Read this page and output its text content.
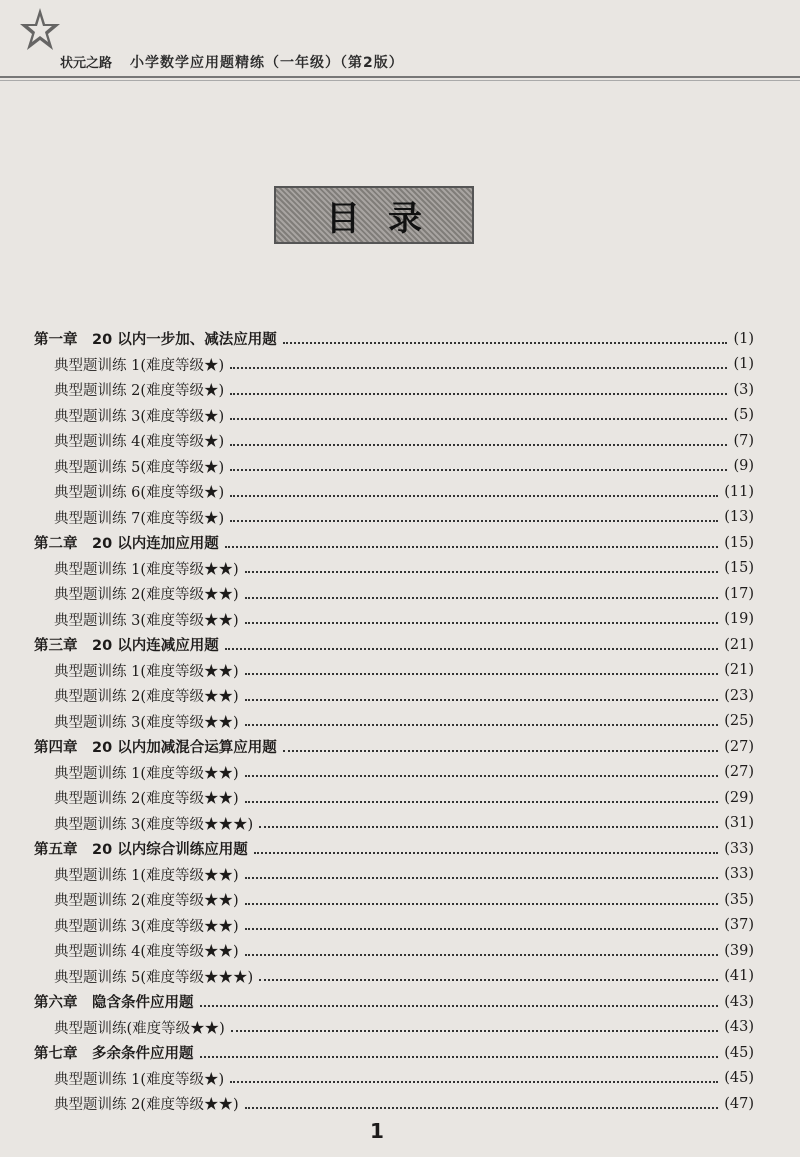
状元之路 小学数学应用题精练（一年级）（第2版）
目录
第一章　20 以内一步加、减法应用题	(1)
典型题训练 1(难度等级★)	(1)
典型题训练 2(难度等级★)	(3)
典型题训练 3(难度等级★)	(5)
典型题训练 4(难度等级★)	(7)
典型题训练 5(难度等级★)	(9)
典型题训练 6(难度等级★)	(11)
典型题训练 7(难度等级★)	(13)
第二章　20 以内连加应用题	(15)
典型题训练 1(难度等级★★)	(15)
典型题训练 2(难度等级★★)	(17)
典型题训练 3(难度等级★★)	(19)
第三章　20 以内连减应用题	(21)
典型题训练 1(难度等级★★)	(21)
典型题训练 2(难度等级★★)	(23)
典型题训练 3(难度等级★★)	(25)
第四章　20 以内加减混合运算应用题	(27)
典型题训练 1(难度等级★★)	(27)
典型题训练 2(难度等级★★)	(29)
典型题训练 3(难度等级★★★)	(31)
第五章　20 以内综合训练应用题	(33)
典型题训练 1(难度等级★★)	(33)
典型题训练 2(难度等级★★)	(35)
典型题训练 3(难度等级★★)	(37)
典型题训练 4(难度等级★★)	(39)
典型题训练 5(难度等级★★★)	(41)
第六章　隐含条件应用题	(43)
典型题训练(难度等级★★)	(43)
第七章　多余条件应用题	(45)
典型题训练 1(难度等级★)	(45)
典型题训练 2(难度等级★★)	(47)
1
